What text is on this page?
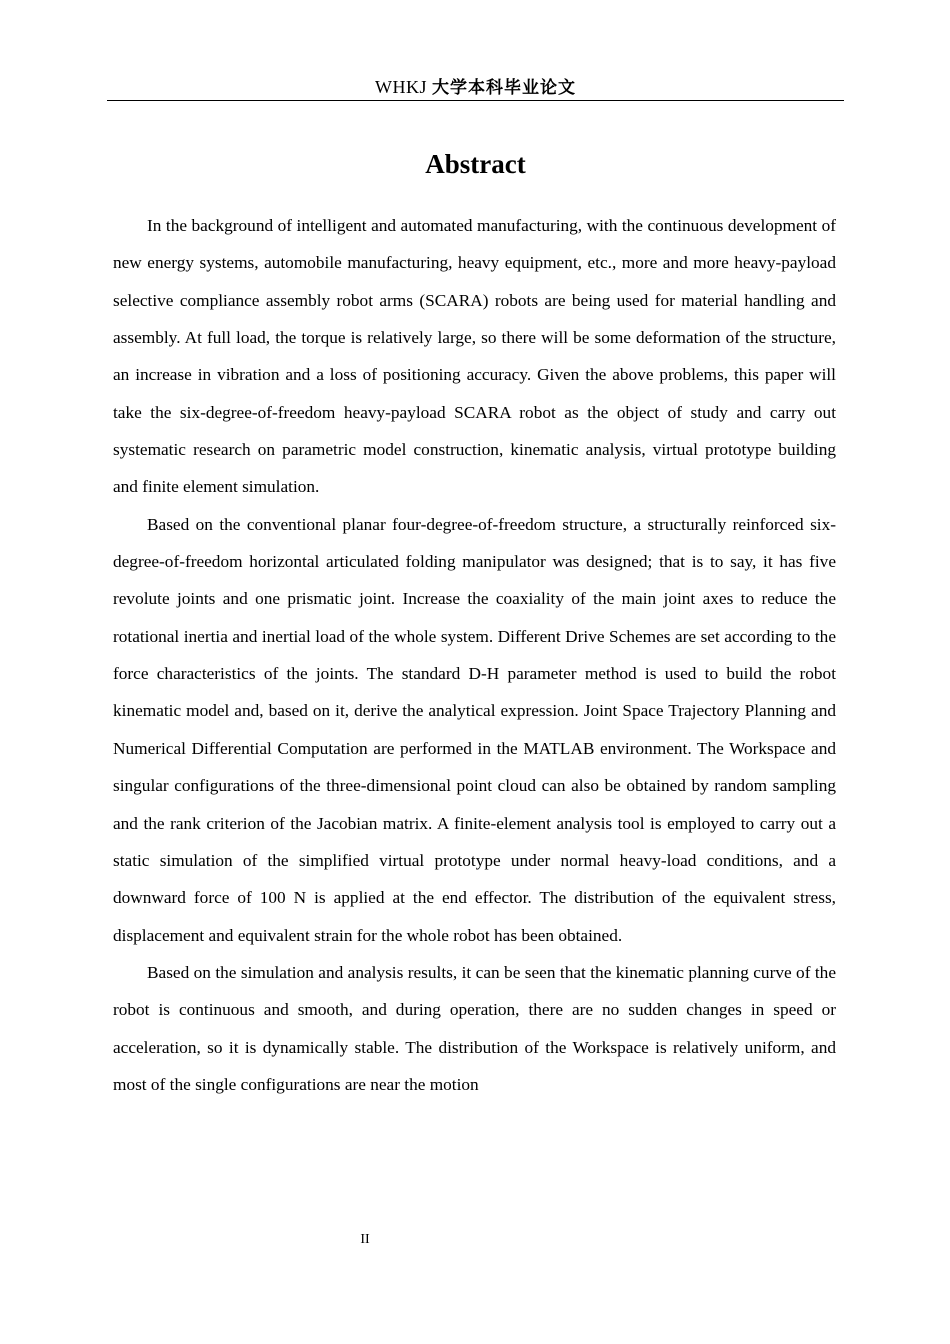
WHKJ 大学本科毕业论文
Abstract

In the background of intelligent and automated manufacturing, with the continuous development of new energy systems, automobile manufacturing, heavy equipment, etc., more and more heavy-payload selective compliance assembly robot arms (SCARA) robots are being used for material handling and assembly. At full load, the torque is relatively large, so there will be some deformation of the structure, an increase in vibration and a loss of positioning accuracy. Given the above problems, this paper will take the six-degree-of-freedom heavy-payload SCARA robot as the object of study and carry out systematic research on parametric model construction, kinematic analysis, virtual prototype building and finite element simulation.

Based on the conventional planar four-degree-of-freedom structure, a structurally reinforced six-degree-of-freedom horizontal articulated folding manipulator was designed; that is to say, it has five revolute joints and one prismatic joint. Increase the coaxiality of the main joint axes to reduce the rotational inertia and inertial load of the whole system. Different Drive Schemes are set according to the force characteristics of the joints. The standard D-H parameter method is used to build the robot kinematic model and, based on it, derive the analytical expression. Joint Space Trajectory Planning and Numerical Differential Computation are performed in the MATLAB environment. The Workspace and singular configurations of the three-dimensional point cloud can also be obtained by random sampling and the rank criterion of the Jacobian matrix. A finite-element analysis tool is employed to carry out a static simulation of the simplified virtual prototype under normal heavy-load conditions, and a downward force of 100 N is applied at the end effector. The distribution of the equivalent stress, displacement and equivalent strain for the whole robot has been obtained.

Based on the simulation and analysis results, it can be seen that the kinematic planning curve of the robot is continuous and smooth, and during operation, there are no sudden changes in speed or acceleration, so it is dynamically stable. The distribution of the Workspace is relatively uniform, and most of the single configurations are near the motion

II
